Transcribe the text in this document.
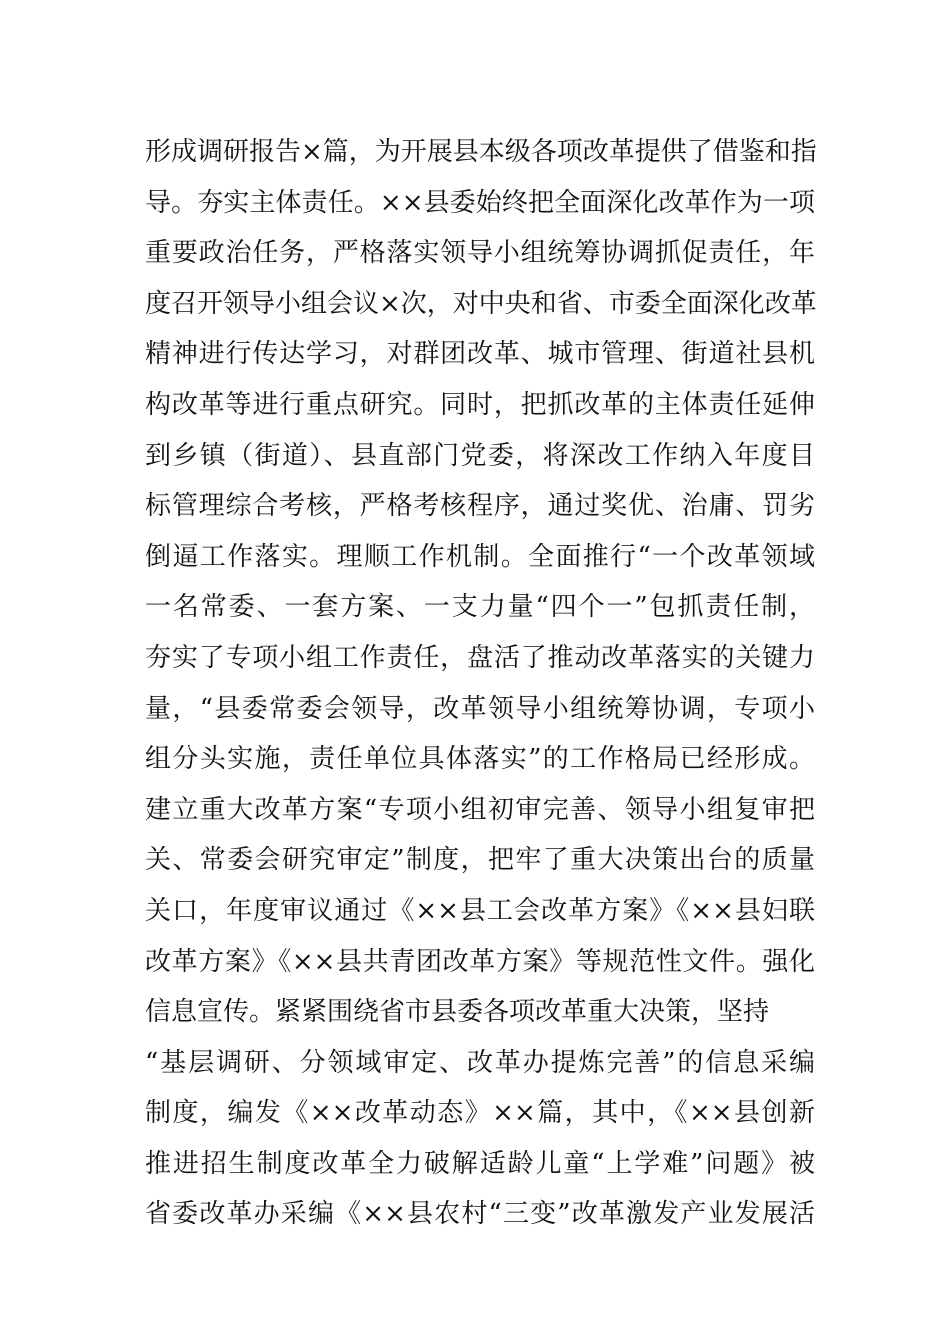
形成调研报告×篇，为开展县本级各项改革提供了借鉴和指
导。夯实主体责任。××县委始终把全面深化改革作为一项
重要政治任务，严格落实领导小组统筹协调抓促责任，年
度召开领导小组会议×次，对中央和省、市委全面深化改革
精神进行传达学习，对群团改革、城市管理、街道社县机
构改革等进行重点研究。同时，把抓改革的主体责任延伸
到乡镇（街道）、县直部门党委，将深改工作纳入年度目
标管理综合考核，严格考核程序，通过奖优、治庸、罚劣
倒逼工作落实。理顺工作机制。全面推行“一个改革领域
一名常委、一套方案、一支力量“四个一”包抓责任制，
夯实了专项小组工作责任，盘活了推动改革落实的关键力
量，“县委常委会领导，改革领导小组统筹协调，专项小
组分头实施，责任单位具体落实”的工作格局已经形成。
建立重大改革方案“专项小组初审完善、领导小组复审把
关、常委会研究审定”制度，把牢了重大决策出台的质量
关口，年度审议通过《××县工会改革方案》《××县妇联
改革方案》《××县共青团改革方案》等规范性文件。强化
信息宣传。紧紧围绕省市县委各项改革重大决策，坚持
“基层调研、分领域审定、改革办提炼完善”的信息采编
制度，编发《××改革动态》××篇，其中，《××县创新
推进招生制度改革全力破解适龄儿童“上学难”问题》被
省委改革办采编《××县农村“三变”改革激发产业发展活
